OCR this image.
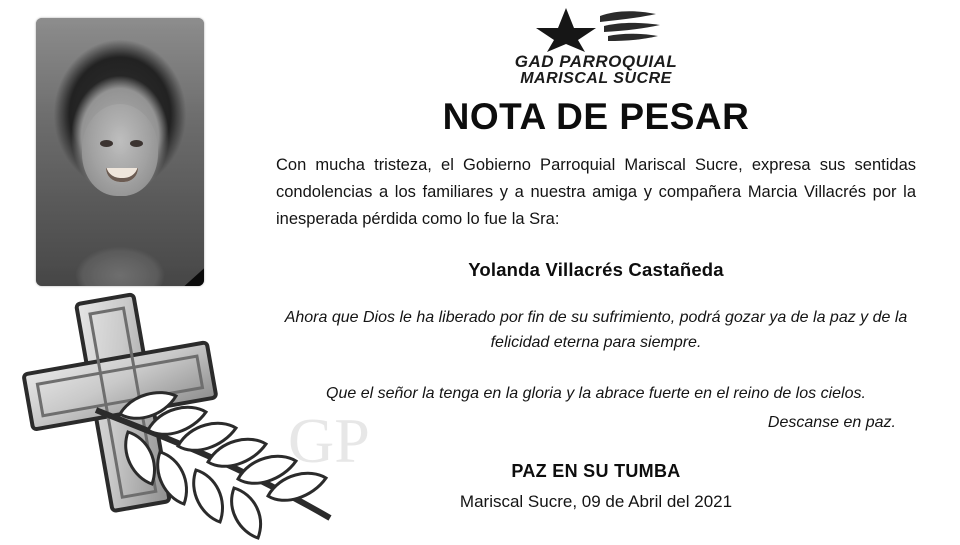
GAD PARROQUIAL
MARISCAL SUCRE
NOTA DE PESAR

Con mucha tristeza, el Gobierno Parroquial Mariscal Sucre, expresa sus sentidas condolencias a los familiares y a nuestra amiga y compañera Marcia Villacrés por la inesperada pérdida como lo fue la Sra:

Yolanda Villacrés Castañeda

Ahora que Dios le ha liberado por fin de su sufrimiento, podrá gozar ya de la paz y de la felicidad eterna para siempre.

Que el señor la tenga en la gloria y la abrace fuerte en el reino de los cielos.

Descanse en paz.

PAZ EN SU TUMBA
Mariscal Sucre, 09 de Abril del 2021
GP
